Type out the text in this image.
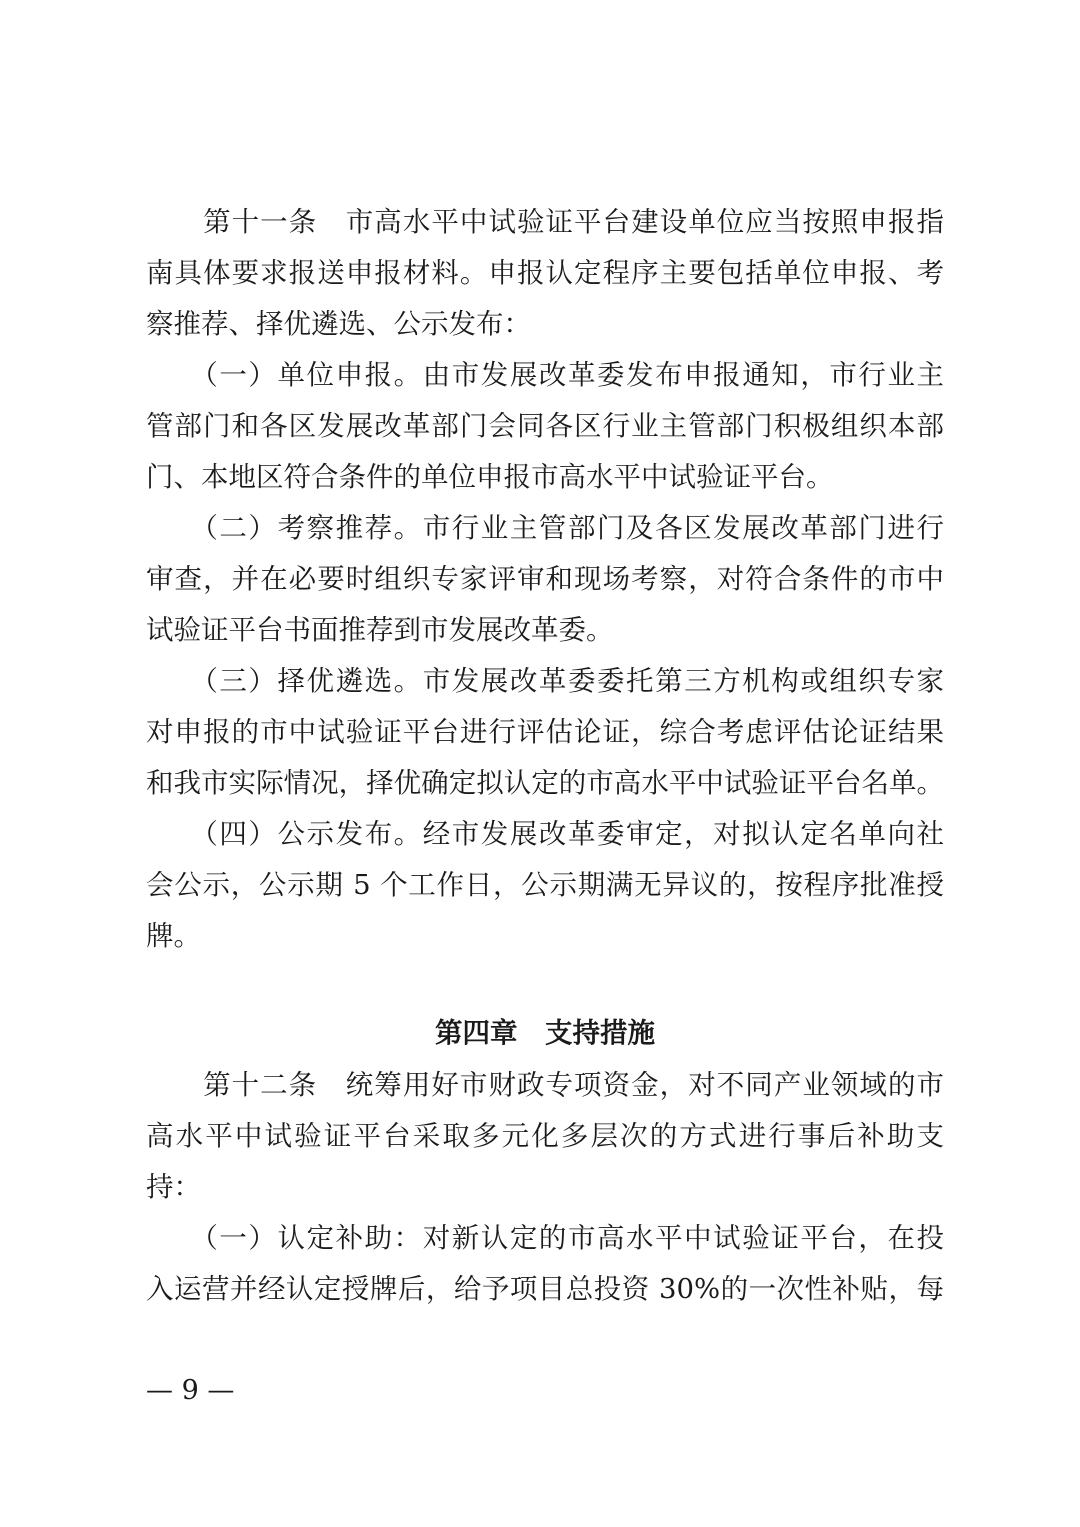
　　第十一条　市高水平中试验证平台建设单位应当按照申报指

南具体要求报送申报材料。申报认定程序主要包括单位申报、考

察推荐、择优遴选、公示发布：

　　（一）单位申报。由市发展改革委发布申报通知，市行业主

管部门和各区发展改革部门会同各区行业主管部门积极组织本部

门、本地区符合条件的单位申报市高水平中试验证平台。

　　（二）考察推荐。市行业主管部门及各区发展改革部门进行

审查，并在必要时组织专家评审和现场考察，对符合条件的市中

试验证平台书面推荐到市发展改革委。

　　（三）择优遴选。市发展改革委委托第三方机构或组织专家

对申报的市中试验证平台进行评估论证，综合考虑评估论证结果

和我市实际情况，择优确定拟认定的市高水平中试验证平台名单。

　　（四）公示发布。经市发展改革委审定，对拟认定名单向社

会公示，公示期 5 个工作日，公示期满无异议的，按程序批准授

牌。

第四章　支持措施

　　第十二条　统筹用好市财政专项资金，对不同产业领域的市

高水平中试验证平台采取多元化多层次的方式进行事后补助支

持：

　　（一）认定补助：对新认定的市高水平中试验证平台，在投

入运营并经认定授牌后，给予项目总投资 30%的一次性补贴，每

— 9 —
